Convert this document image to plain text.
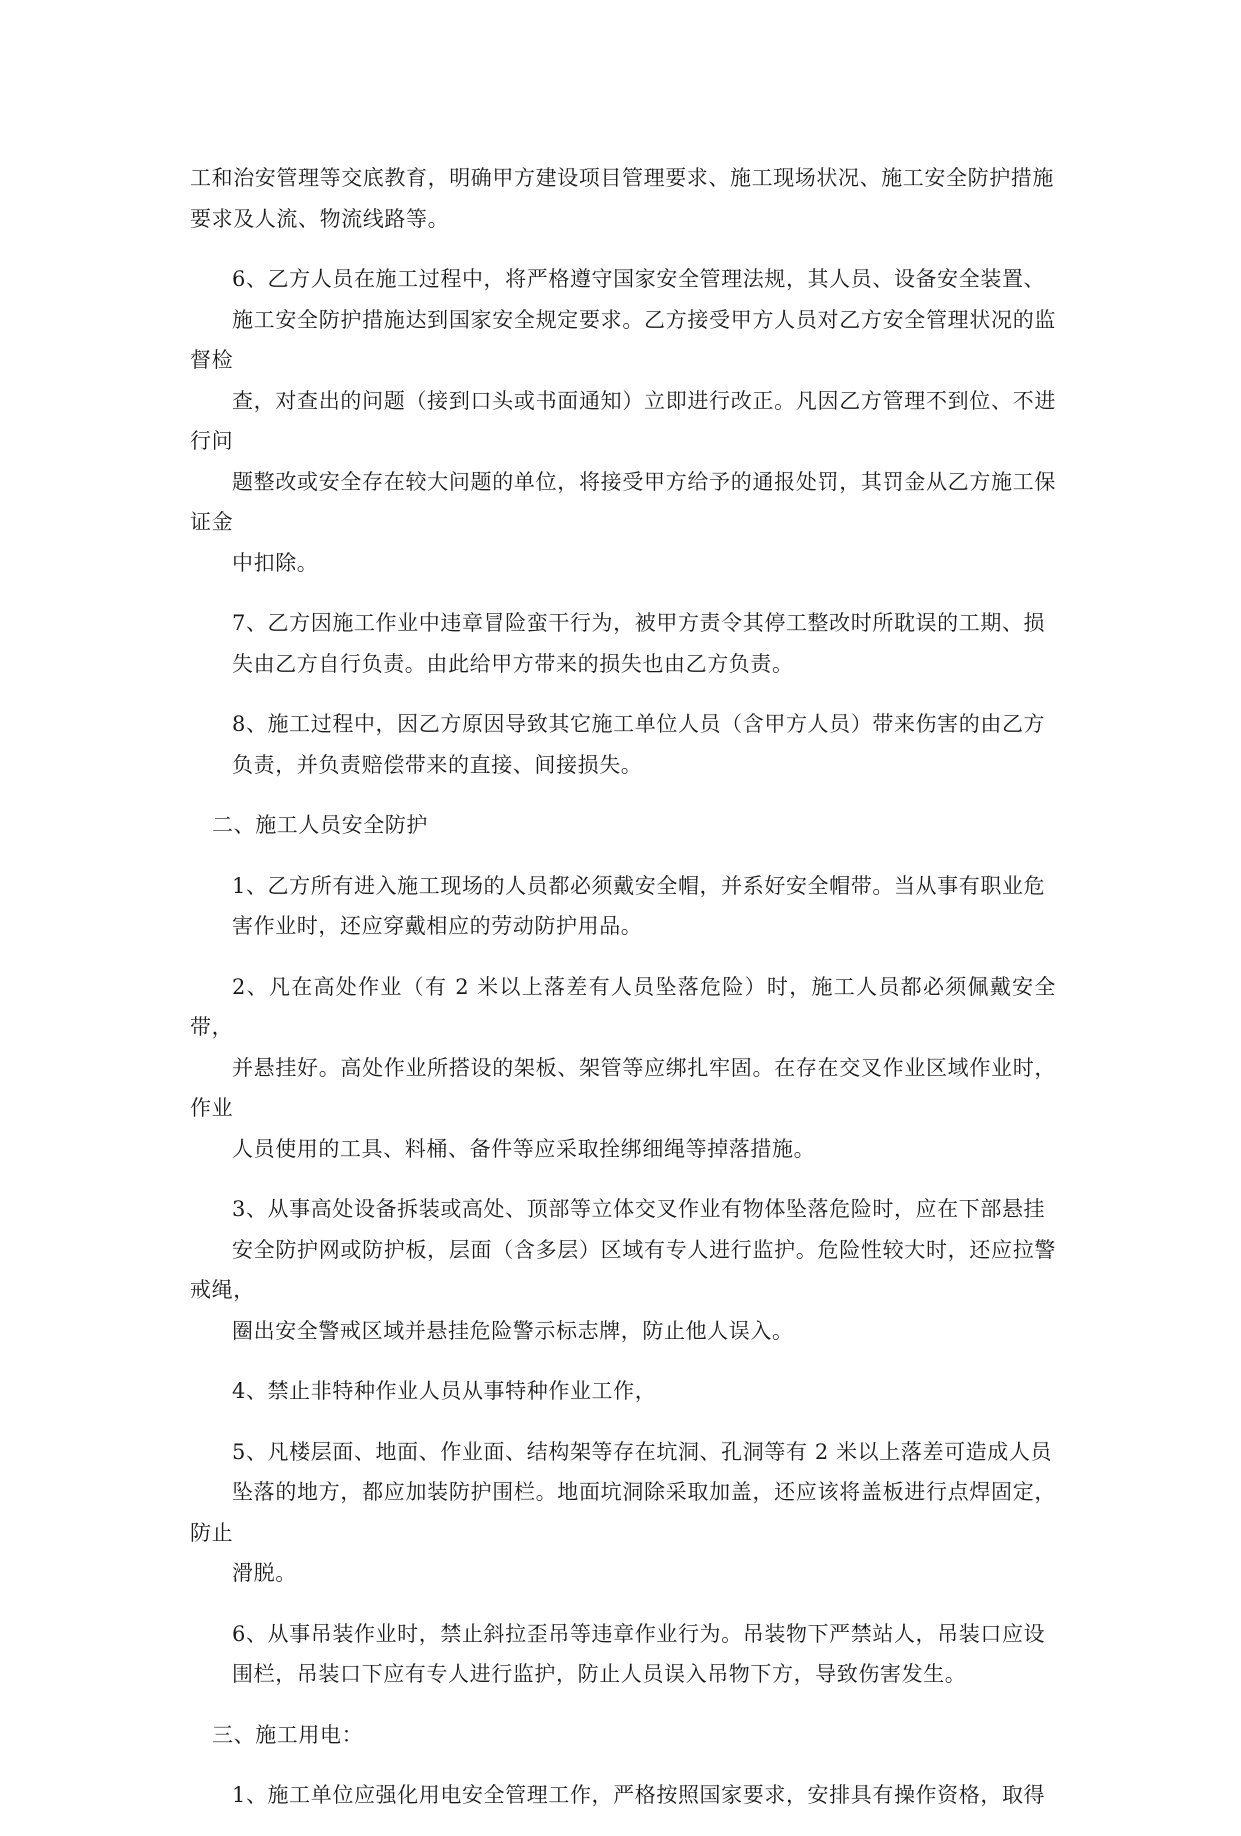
工和治安管理等交底教育，明确甲方建设项目管理要求、施工现场状况、施工安全防护措施
要求及人流、物流线路等。
6、乙方人员在施工过程中，将严格遵守国家安全管理法规，其人员、设备安全装置、
施工安全防护措施达到国家安全规定要求。乙方接受甲方人员对乙方安全管理状况的监督检
查，对查出的问题（接到口头或书面通知）立即进行改正。凡因乙方管理不到位、不进行问
题整改或安全存在较大问题的单位，将接受甲方给予的通报处罚，其罚金从乙方施工保证金
中扣除。
7、乙方因施工作业中违章冒险蛮干行为，被甲方责令其停工整改时所耽误的工期、损
失由乙方自行负责。由此给甲方带来的损失也由乙方负责。
8、施工过程中，因乙方原因导致其它施工单位人员（含甲方人员）带来伤害的由乙方
负责，并负责赔偿带来的直接、间接损失。
二、施工人员安全防护
1、乙方所有进入施工现场的人员都必须戴安全帽，并系好安全帽带。当从事有职业危
害作业时，还应穿戴相应的劳动防护用品。
2、凡在高处作业（有 2 米以上落差有人员坠落危险）时，施工人员都必须佩戴安全带，
并悬挂好。高处作业所搭设的架板、架管等应绑扎牢固。在存在交叉作业区域作业时，作业
人员使用的工具、料桶、备件等应采取拴绑细绳等掉落措施。
3、从事高处设备拆装或高处、顶部等立体交叉作业有物体坠落危险时，应在下部悬挂
安全防护网或防护板，层面（含多层）区域有专人进行监护。危险性较大时，还应拉警戒绳，
圈出安全警戒区域并悬挂危险警示标志牌，防止他人误入。
4、禁止非特种作业人员从事特种作业工作，
5、凡楼层面、地面、作业面、结构架等存在坑洞、孔洞等有 2 米以上落差可造成人员
坠落的地方，都应加装防护围栏。地面坑洞除采取加盖，还应该将盖板进行点焊固定，防止
滑脱。
6、从事吊装作业时，禁止斜拉歪吊等违章作业行为。吊装物下严禁站人，吊装口应设
围栏，吊装口下应有专人进行监护，防止人员误入吊物下方，导致伤害发生。
三、施工用电：
1、施工单位应强化用电安全管理工作，严格按照国家要求，安排具有操作资格，取得
